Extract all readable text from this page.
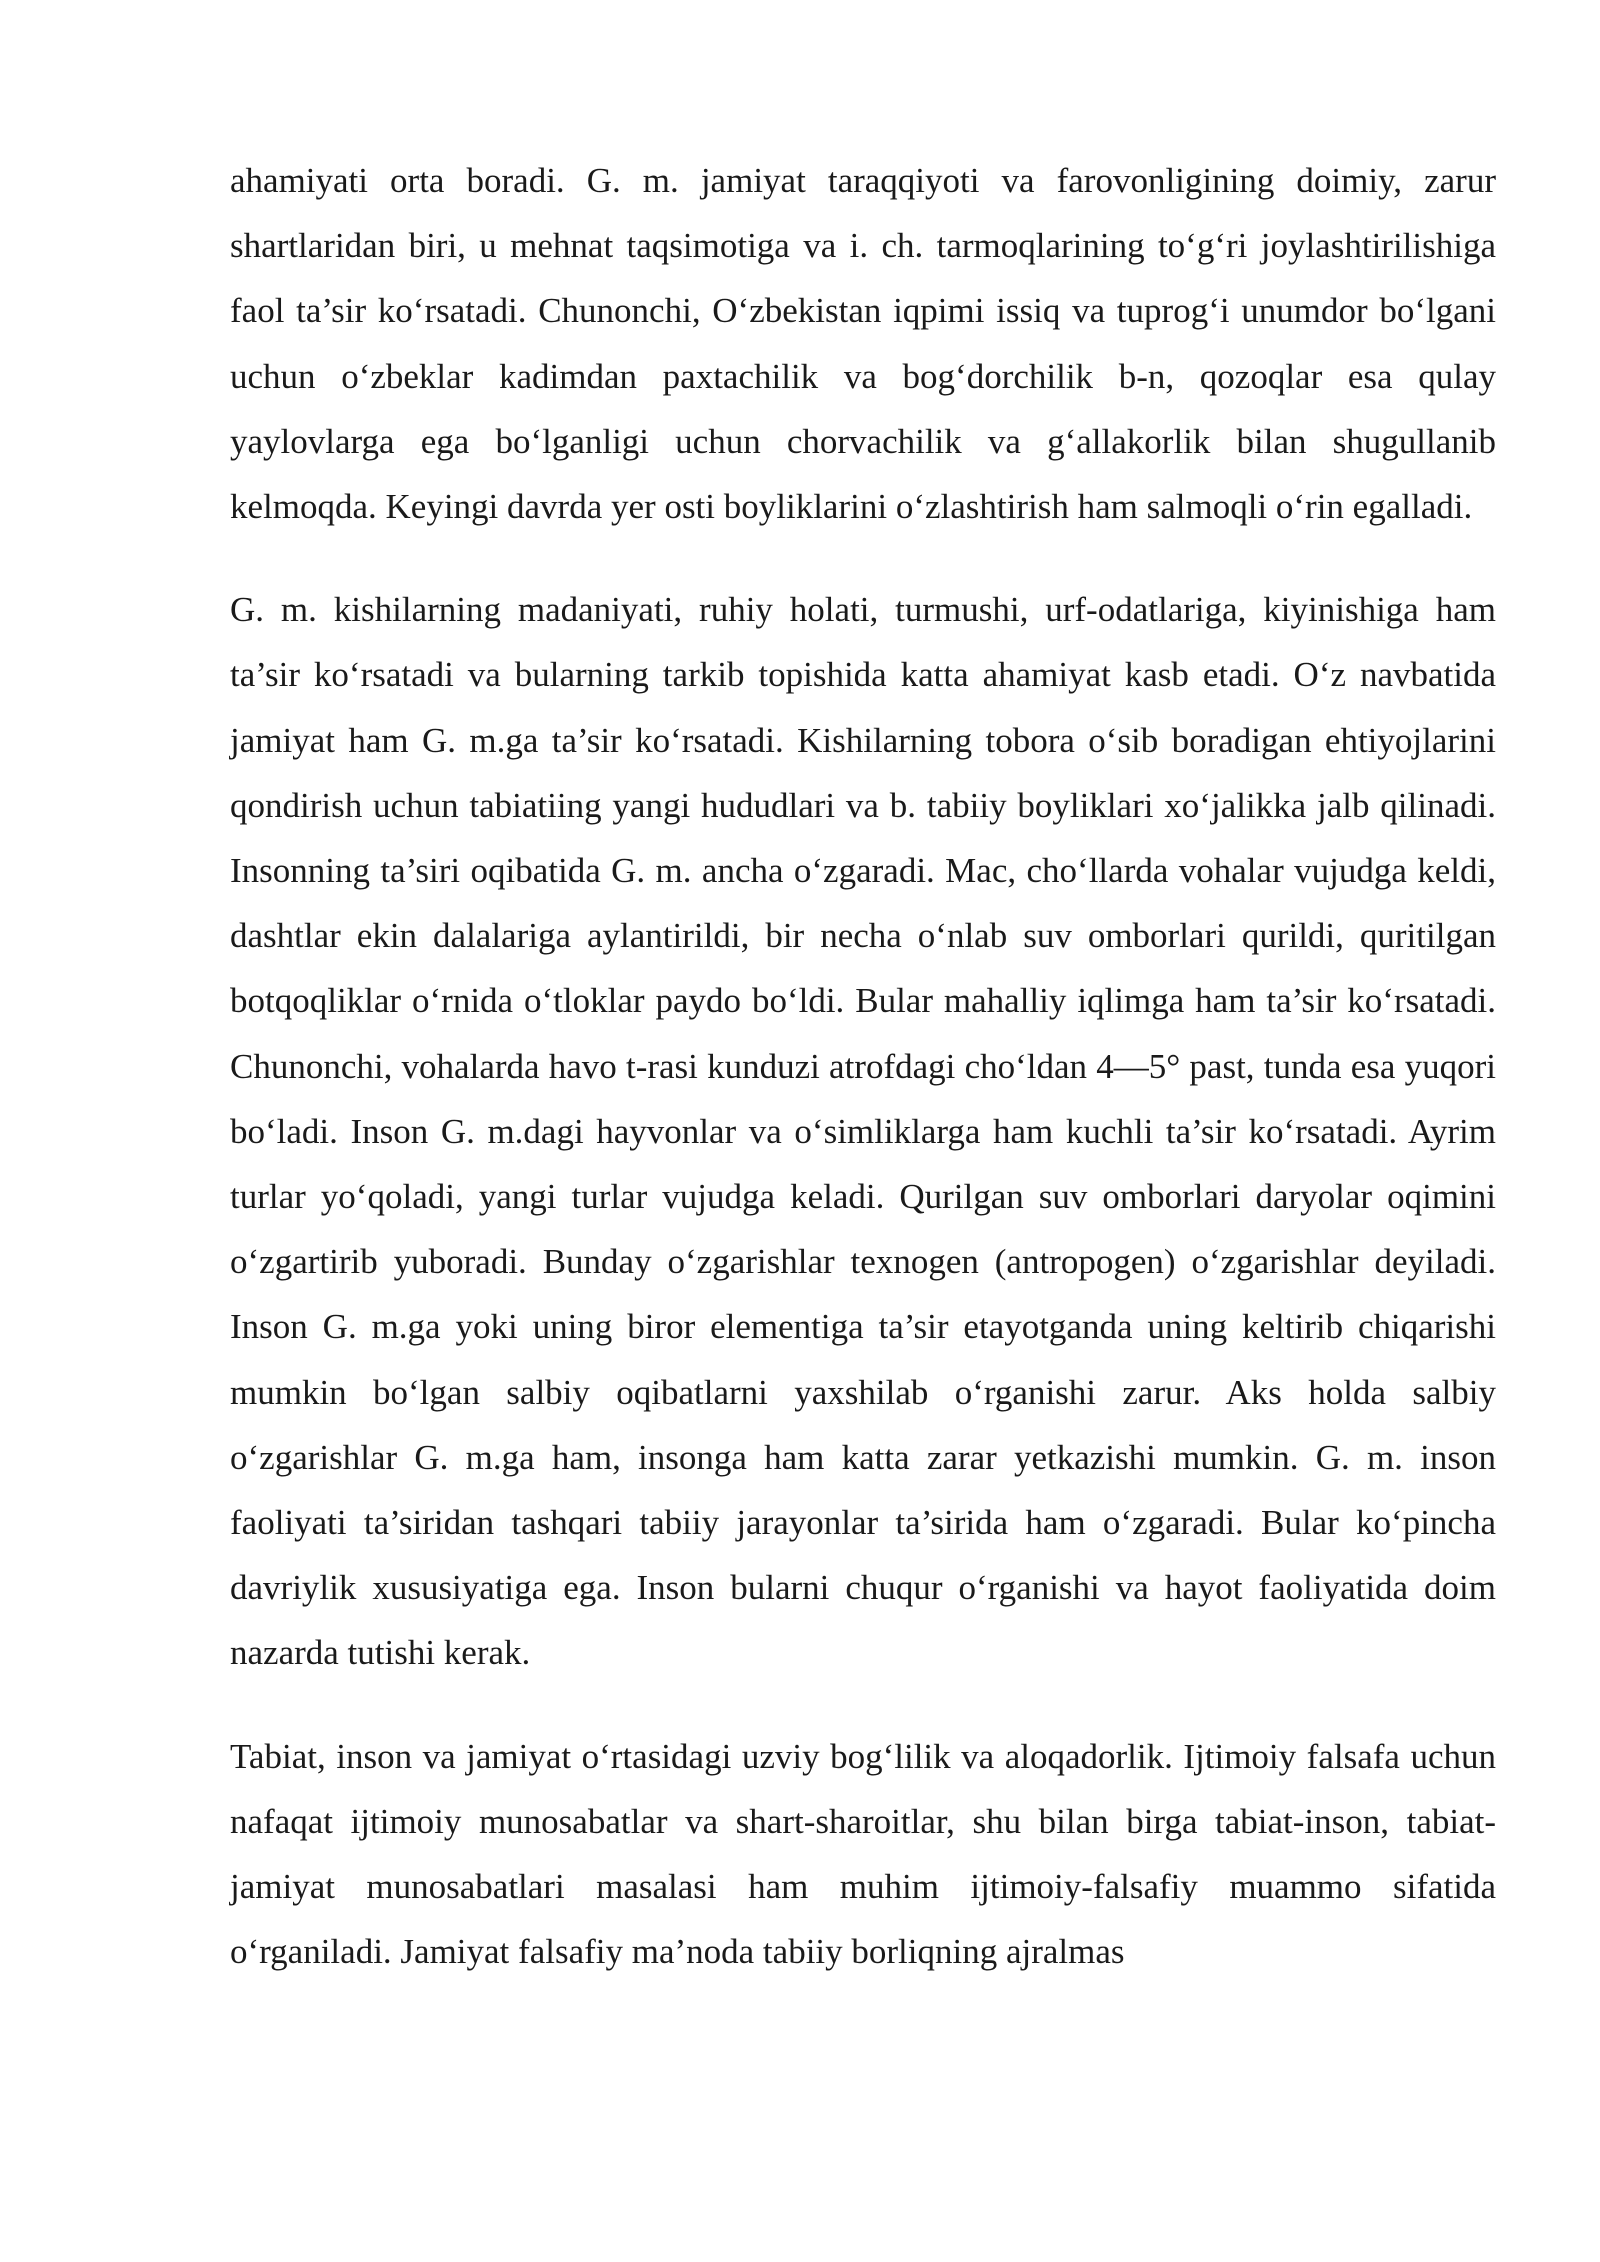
ahamiyati orta boradi. G. m. jamiyat taraqqiyoti va farovonligining doimiy, zarur shartlaridan biri, u mehnat taqsimotiga va i. ch. tarmoqlarining to‘g‘ri joylashtirilishiga faol ta’sir ko‘rsatadi. Chunonchi, O‘zbekistan iqpimi issiq va tuprog‘i unumdor bo‘lgani uchun o‘zbeklar kadimdan paxtachilik va bog‘dorchilik b-n, qozoqlar esa qulay yaylovlarga ega bo‘lganligi uchun chorvachilik va g‘allakorlik bilan shugullanib kelmoqda. Keyingi davrda yer osti boyliklarini o‘zlashtirish ham salmoqli o‘rin egalladi.

G. m. kishilarning madaniyati, ruhiy holati, turmushi, urf-odatlariga, kiyinishiga ham ta’sir ko‘rsatadi va bularning tarkib topishida katta ahamiyat kasb etadi. O‘z navbatida jamiyat ham G. m.ga ta’sir ko‘rsatadi. Kishilarning tobora o‘sib boradigan ehtiyojlarini qondirish uchun tabiatiing yangi hududlari va b. tabiiy boyliklari xo‘jalikka jalb qilinadi. Insonning ta’siri oqibatida G. m. ancha o‘zgaradi. Mac, cho‘llarda vohalar vujudga keldi, dashtlar ekin dalalariga aylantirildi, bir necha o‘nlab suv omborlari qurildi, quritilgan botqoqliklar o‘rnida o‘tloklar paydo bo‘ldi. Bular mahalliy iqlimga ham ta’sir ko‘rsatadi. Chunonchi, vohalarda havo t-rasi kunduzi atrofdagi cho‘ldan 4—5° past, tunda esa yuqori bo‘ladi. Inson G. m.dagi hayvonlar va o‘simliklarga ham kuchli ta’sir ko‘rsatadi. Ayrim turlar yo‘qoladi, yangi turlar vujudga keladi. Qurilgan suv omborlari daryolar oqimini o‘zgartirib yuboradi. Bunday o‘zgarishlar texnogen (antropogen) o‘zgarishlar deyiladi. Inson G. m.ga yoki uning biror elementiga ta’sir etayotganda uning keltirib chiqarishi mumkin bo‘lgan salbiy oqibatlarni yaxshilab o‘rganishi zarur. Aks holda salbiy o‘zgarishlar G. m.ga ham, insonga ham katta zarar yetkazishi mumkin. G. m. inson faoliyati ta’siridan tashqari tabiiy jarayonlar ta’sirida ham o‘zgaradi. Bular ko‘pincha davriylik xususiyatiga ega. Inson bularni chuqur o‘rganishi va hayot faoliyatida doim nazarda tutishi kerak.

Tabiat, inson va jamiyat o‘rtasidagi uzviy bog‘lilik va aloqadorlik. Ijtimoiy falsafa uchun nafaqat ijtimoiy munosabatlar va shart-sharoitlar, shu bilan birga tabiat-inson, tabiat-jamiyat munosabatlari masalasi ham muhim ijtimoiy-falsafiy muammo sifatida o‘rganiladi. Jamiyat falsafiy ma’noda tabiiy borliqning ajralmas
